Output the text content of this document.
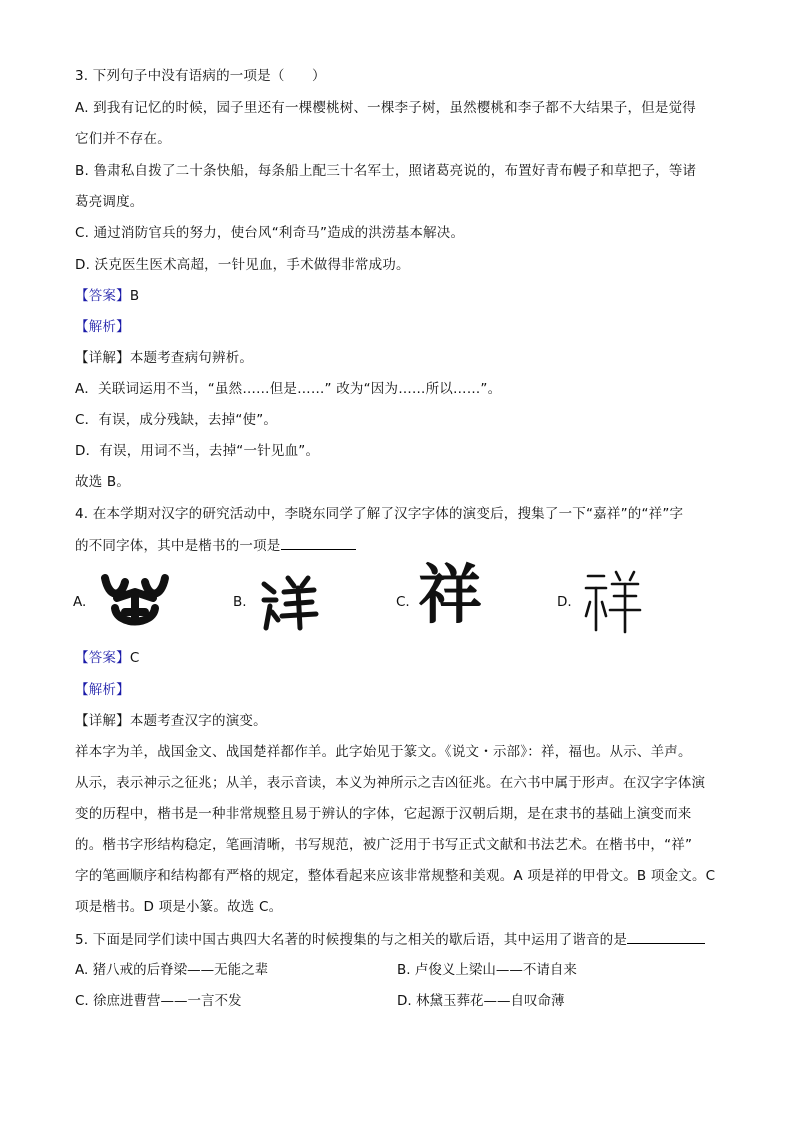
3. 下列句子中没有语病的一项是（　　）
A. 到我有记忆的时候，园子里还有一棵樱桃树、一棵李子树，虽然樱桃和李子都不大结果子，但是觉得
它们并不存在。
B. 鲁肃私自拨了二十条快船，每条船上配三十名军士，照诸葛亮说的，布置好青布幔子和草把子，等诸
葛亮调度。
C. 通过消防官兵的努力，使台风“利奇马”造成的洪涝基本解决。
D. 沃克医生医术高超，一针见血，手术做得非常成功。
【答案】B
【解析】
【详解】本题考查病句辨析。
A．关联词运用不当，“虽然……但是……” 改为“因为……所以……”。
C．有误，成分残缺，去掉“使”。
D．有误，用词不当，去掉“一针见血”。
故选 B。
4. 在本学期对汉字的研究活动中，李晓东同学了解了汉字字体的演变后，搜集了一下“嘉祥”的“祥”字
的不同字体，其中是楷书的一项是
A.	B.	C. 祥	D.
【答案】C
【解析】
【详解】本题考查汉字的演变。
祥本字为羊，战国金文、战国楚祥都作羊。此字始见于篆文。《说文・示部》：祥，福也。从示、羊声。
从示，表示神示之征兆；从羊，表示音读，本义为神所示之吉凶征兆。在六书中属于形声。在汉字字体演
变的历程中，楷书是一种非常规整且易于辨认的字体，它起源于汉朝后期，是在隶书的基础上演变而来
的。楷书字形结构稳定，笔画清晰，书写规范，被广泛用于书写正式文献和书法艺术。在楷书中，“祥”
字的笔画顺序和结构都有严格的规定，整体看起来应该非常规整和美观。A 项是祥的甲骨文。B 项金文。C
项是楷书。D 项是小篆。故选 C。
5. 下面是同学们读中国古典四大名著的时候搜集的与之相关的歇后语，其中运用了谐音的是
A. 猪八戒的后脊梁——无能之辈	B. 卢俊义上梁山——不请自来
C. 徐庶进曹营——一言不发	D. 林黛玉葬花——自叹命薄
